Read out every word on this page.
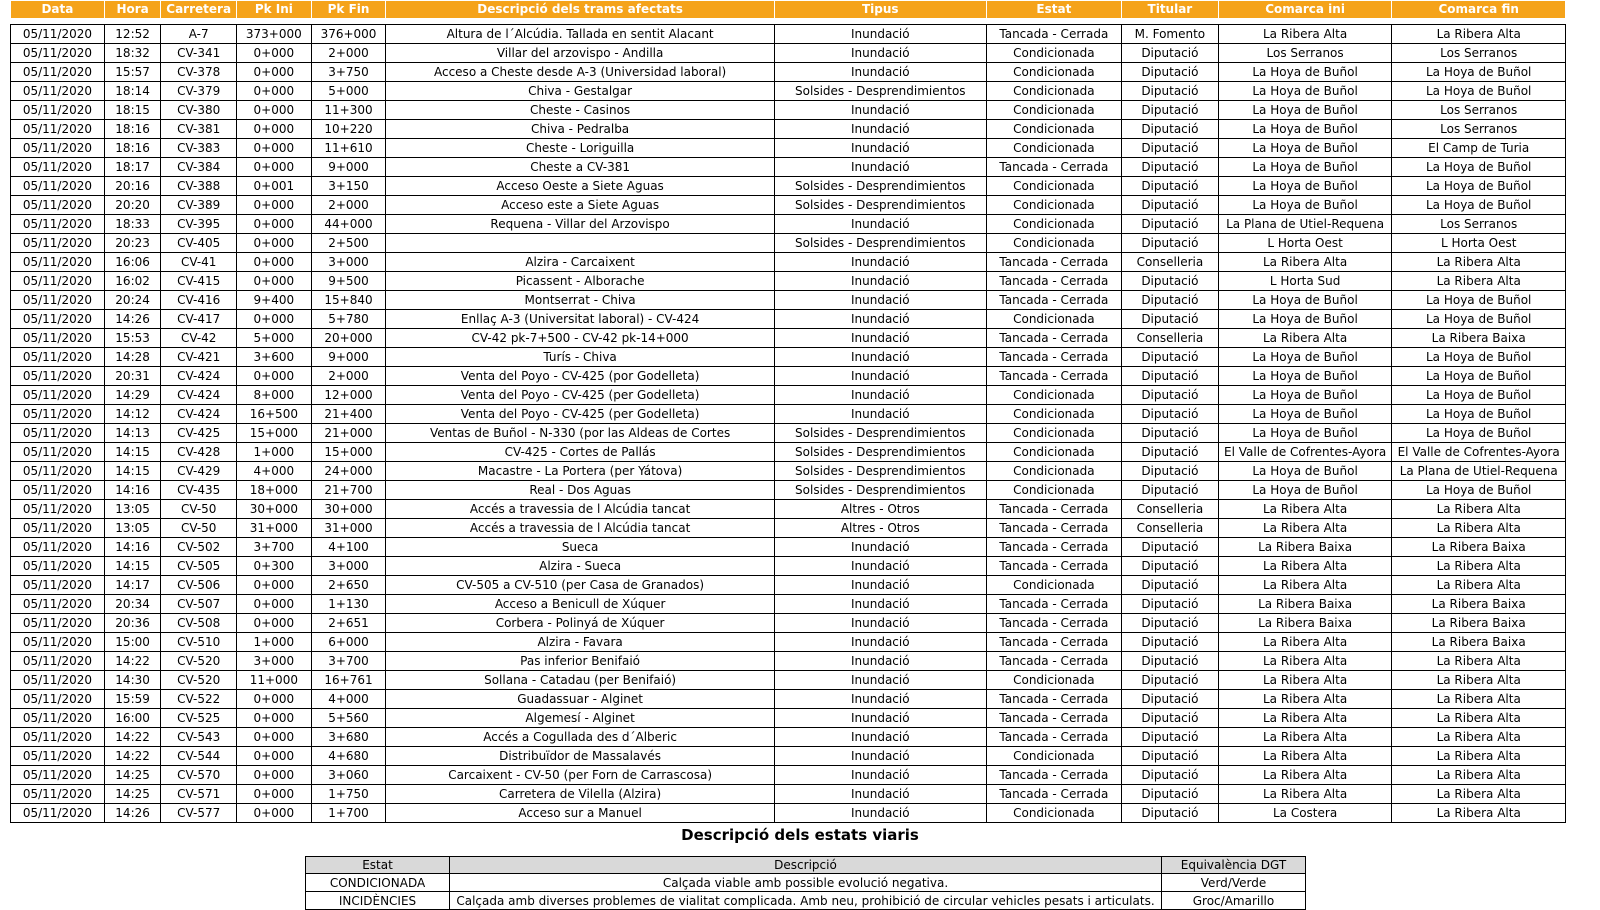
Data	Hora	Carretera	Pk Ini	Pk Fin	Descripció dels trams afectats	Tipus	Estat	Titular	Comarca ini	Comarca fin

05/11/2020	12:52	A-7	373+000	376+000	Altura de l´Alcúdia. Tallada en sentit Alacant	Inundació	Tancada - Cerrada	M. Fomento	La Ribera Alta	La Ribera Alta
05/11/2020	18:32	CV-341	0+000	2+000	Villar del arzovispo - Andilla	Inundació	Condicionada	Diputació	Los Serranos	Los Serranos
05/11/2020	15:57	CV-378	0+000	3+750	Acceso a Cheste desde A-3 (Universidad laboral)	Inundació	Condicionada	Diputació	La Hoya de Buñol	La Hoya de Buñol
05/11/2020	18:14	CV-379	0+000	5+000	Chiva - Gestalgar	Solsides - Desprendimientos	Condicionada	Diputació	La Hoya de Buñol	La Hoya de Buñol
05/11/2020	18:15	CV-380	0+000	11+300	Cheste - Casinos	Inundació	Condicionada	Diputació	La Hoya de Buñol	Los Serranos
05/11/2020	18:16	CV-381	0+000	10+220	Chiva - Pedralba	Inundació	Condicionada	Diputació	La Hoya de Buñol	Los Serranos
05/11/2020	18:16	CV-383	0+000	11+610	Cheste - Loriguilla	Inundació	Condicionada	Diputació	La Hoya de Buñol	El Camp de Turia
05/11/2020	18:17	CV-384	0+000	9+000	Cheste a CV-381	Inundació	Tancada - Cerrada	Diputació	La Hoya de Buñol	La Hoya de Buñol
05/11/2020	20:16	CV-388	0+001	3+150	Acceso Oeste a Siete Aguas	Solsides - Desprendimientos	Condicionada	Diputació	La Hoya de Buñol	La Hoya de Buñol
05/11/2020	20:20	CV-389	0+000	2+000	Acceso este a Siete Aguas	Solsides - Desprendimientos	Condicionada	Diputació	La Hoya de Buñol	La Hoya de Buñol
05/11/2020	18:33	CV-395	0+000	44+000	Requena - Villar del Arzovispo	Inundació	Condicionada	Diputació	La Plana de Utiel-Requena	Los Serranos
05/11/2020	20:23	CV-405	0+000	2+500		Solsides - Desprendimientos	Condicionada	Diputació	L Horta Oest	L Horta Oest
05/11/2020	16:06	CV-41	0+000	3+000	Alzira - Carcaixent	Inundació	Tancada - Cerrada	Conselleria	La Ribera Alta	La Ribera Alta
05/11/2020	16:02	CV-415	0+000	9+500	Picassent - Alborache	Inundació	Tancada - Cerrada	Diputació	L Horta Sud	La Ribera Alta
05/11/2020	20:24	CV-416	9+400	15+840	Montserrat - Chiva	Inundació	Tancada - Cerrada	Diputació	La Hoya de Buñol	La Hoya de Buñol
05/11/2020	14:26	CV-417	0+000	5+780	Enllaç A-3 (Universitat laboral) - CV-424	Inundació	Condicionada	Diputació	La Hoya de Buñol	La Hoya de Buñol
05/11/2020	15:53	CV-42	5+000	20+000	CV-42 pk-7+500 - CV-42 pk-14+000	Inundació	Tancada - Cerrada	Conselleria	La Ribera Alta	La Ribera Baixa
05/11/2020	14:28	CV-421	3+600	9+000	Turís - Chiva	Inundació	Tancada - Cerrada	Diputació	La Hoya de Buñol	La Hoya de Buñol
05/11/2020	20:31	CV-424	0+000	2+000	Venta del Poyo - CV-425 (por Godelleta)	Inundació	Tancada - Cerrada	Diputació	La Hoya de Buñol	La Hoya de Buñol
05/11/2020	14:29	CV-424	8+000	12+000	Venta del Poyo - CV-425 (per Godelleta)	Inundació	Condicionada	Diputació	La Hoya de Buñol	La Hoya de Buñol
05/11/2020	14:12	CV-424	16+500	21+400	Venta del Poyo - CV-425 (per Godelleta)	Inundació	Condicionada	Diputació	La Hoya de Buñol	La Hoya de Buñol
05/11/2020	14:13	CV-425	15+000	21+000	Ventas de Buñol - N-330 (por las Aldeas de Cortes	Solsides - Desprendimientos	Condicionada	Diputació	La Hoya de Buñol	La Hoya de Buñol
05/11/2020	14:15	CV-428	1+000	15+000	CV-425 - Cortes de Pallás	Solsides - Desprendimientos	Condicionada	Diputació	El Valle de Cofrentes-Ayora	El Valle de Cofrentes-Ayora
05/11/2020	14:15	CV-429	4+000	24+000	Macastre - La Portera (per Yátova)	Solsides - Desprendimientos	Condicionada	Diputació	La Hoya de Buñol	La Plana de Utiel-Requena
05/11/2020	14:16	CV-435	18+000	21+700	Real - Dos Aguas	Solsides - Desprendimientos	Condicionada	Diputació	La Hoya de Buñol	La Hoya de Buñol
05/11/2020	13:05	CV-50	30+000	30+000	Accés a travessia de l Alcúdia tancat	Altres - Otros	Tancada - Cerrada	Conselleria	La Ribera Alta	La Ribera Alta
05/11/2020	13:05	CV-50	31+000	31+000	Accés a travessia de l Alcúdia tancat	Altres - Otros	Tancada - Cerrada	Conselleria	La Ribera Alta	La Ribera Alta
05/11/2020	14:16	CV-502	3+700	4+100	Sueca	Inundació	Tancada - Cerrada	Diputació	La Ribera Baixa	La Ribera Baixa
05/11/2020	14:15	CV-505	0+300	3+000	Alzira - Sueca	Inundació	Tancada - Cerrada	Diputació	La Ribera Alta	La Ribera Alta
05/11/2020	14:17	CV-506	0+000	2+650	CV-505 a CV-510 (per Casa de Granados)	Inundació	Condicionada	Diputació	La Ribera Alta	La Ribera Alta
05/11/2020	20:34	CV-507	0+000	1+130	Acceso a Benicull de Xúquer	Inundació	Tancada - Cerrada	Diputació	La Ribera Baixa	La Ribera Baixa
05/11/2020	20:36	CV-508	0+000	2+651	Corbera - Polinyá de Xúquer	Inundació	Tancada - Cerrada	Diputació	La Ribera Baixa	La Ribera Baixa
05/11/2020	15:00	CV-510	1+000	6+000	Alzira - Favara	Inundació	Tancada - Cerrada	Diputació	La Ribera Alta	La Ribera Baixa
05/11/2020	14:22	CV-520	3+000	3+700	Pas inferior Benifaió	Inundació	Tancada - Cerrada	Diputació	La Ribera Alta	La Ribera Alta
05/11/2020	14:30	CV-520	11+000	16+761	Sollana - Catadau (per Benifaió)	Inundació	Condicionada	Diputació	La Ribera Alta	La Ribera Alta
05/11/2020	15:59	CV-522	0+000	4+000	Guadassuar - Alginet	Inundació	Tancada - Cerrada	Diputació	La Ribera Alta	La Ribera Alta
05/11/2020	16:00	CV-525	0+000	5+560	Algemesí - Alginet	Inundació	Tancada - Cerrada	Diputació	La Ribera Alta	La Ribera Alta
05/11/2020	14:22	CV-543	0+000	3+680	Accés a Cogullada des d´Alberic	Inundació	Tancada - Cerrada	Diputació	La Ribera Alta	La Ribera Alta
05/11/2020	14:22	CV-544	0+000	4+680	Distribuïdor de Massalavés	Inundació	Condicionada	Diputació	La Ribera Alta	La Ribera Alta
05/11/2020	14:25	CV-570	0+000	3+060	Carcaixent - CV-50 (per Forn de Carrascosa)	Inundació	Tancada - Cerrada	Diputació	La Ribera Alta	La Ribera Alta
05/11/2020	14:25	CV-571	0+000	1+750	Carretera de Vilella (Alzira)	Inundació	Tancada - Cerrada	Diputació	La Ribera Alta	La Ribera Alta
05/11/2020	14:26	CV-577	0+000	1+700	Acceso sur a Manuel	Inundació	Condicionada	Diputació	La Costera	La Ribera Alta
Descripció dels estats viaris
Estat	Descripció	Equivalència DGT
CONDICIONADA	Calçada viable amb possible evolució negativa.	Verd/Verde
INCIDÈNCIES	Calçada amb diverses problemes de vialitat complicada. Amb neu, prohibició de circular vehicles pesats i articulats.	Groc/Amarillo
